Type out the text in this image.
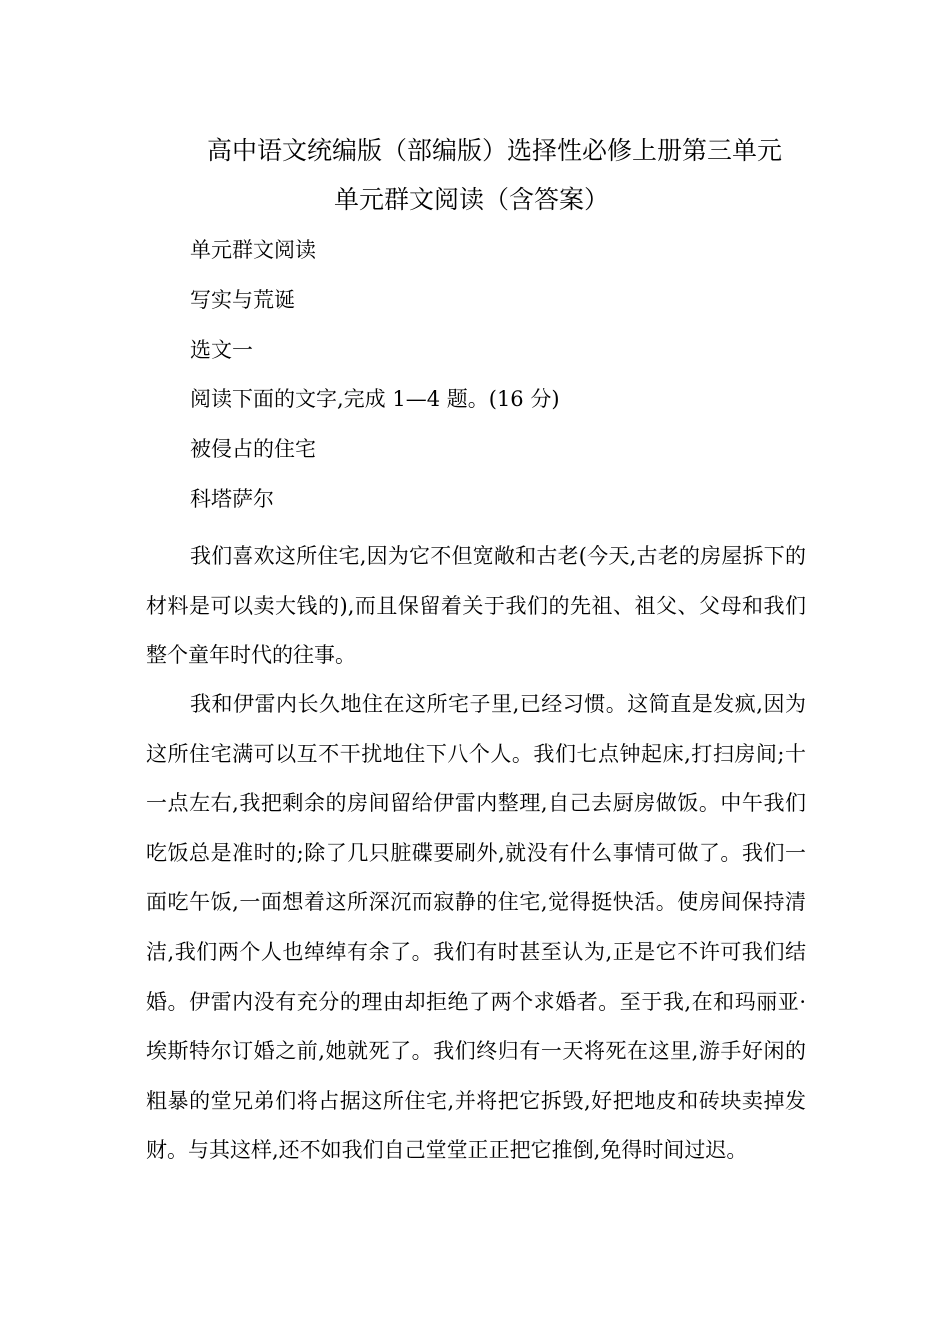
高中语文统编版（部编版）选择性必修上册第三单元
单元群文阅读（含答案）
单元群文阅读
写实与荒诞
选文一
阅读下面的文字,完成 1—4 题。(16 分)
被侵占的住宅
科塔萨尔
我们喜欢这所住宅,因为它不但宽敞和古老(今天,古老的房屋拆下的材料是可以卖大钱的),而且保留着关于我们的先祖、祖父、父母和我们整个童年时代的往事。
我和伊雷内长久地住在这所宅子里,已经习惯。这简直是发疯,因为这所住宅满可以互不干扰地住下八个人。我们七点钟起床,打扫房间;十一点左右,我把剩余的房间留给伊雷内整理,自己去厨房做饭。中午我们吃饭总是准时的;除了几只脏碟要刷外,就没有什么事情可做了。我们一面吃午饭,一面想着这所深沉而寂静的住宅,觉得挺快活。使房间保持清洁,我们两个人也绰绰有余了。我们有时甚至认为,正是它不许可我们结婚。伊雷内没有充分的理由却拒绝了两个求婚者。至于我,在和玛丽亚·埃斯特尔订婚之前,她就死了。我们终归有一天将死在这里,游手好闲的粗暴的堂兄弟们将占据这所住宅,并将把它拆毁,好把地皮和砖块卖掉发财。与其这样,还不如我们自己堂堂正正把它推倒,免得时间过迟。
